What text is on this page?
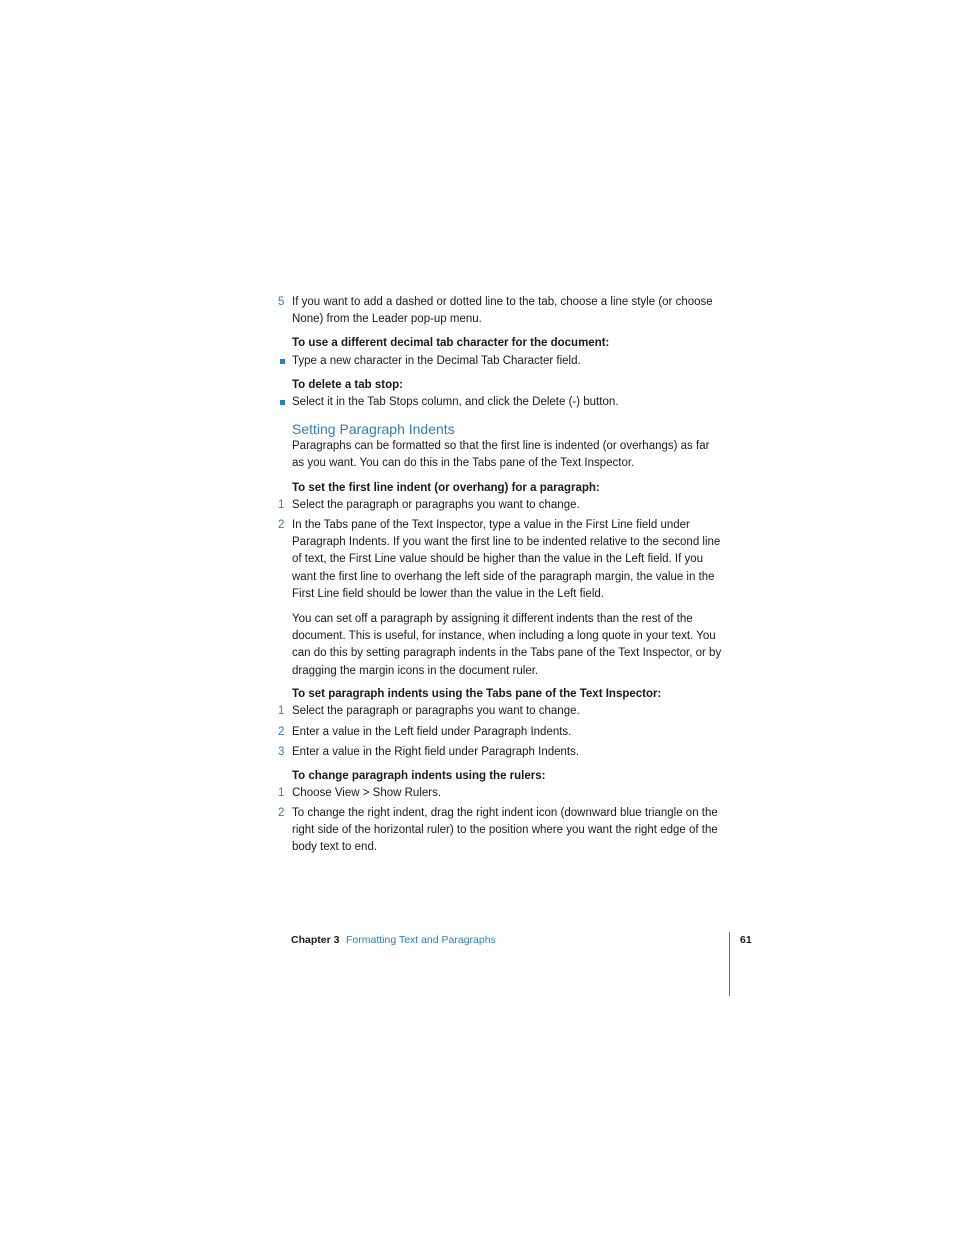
5 If you want to add a dashed or dotted line to the tab, choose a line style (or choose None) from the Leader pop-up menu.
To use a different decimal tab character for the document:
Type a new character in the Decimal Tab Character field.
To delete a tab stop:
Select it in the Tab Stops column, and click the Delete (-) button.
Setting Paragraph Indents
Paragraphs can be formatted so that the first line is indented (or overhangs) as far as you want. You can do this in the Tabs pane of the Text Inspector.
To set the first line indent (or overhang) for a paragraph:
1 Select the paragraph or paragraphs you want to change.
2 In the Tabs pane of the Text Inspector, type a value in the First Line field under Paragraph Indents. If you want the first line to be indented relative to the second line of text, the First Line value should be higher than the value in the Left field. If you want the first line to overhang the left side of the paragraph margin, the value in the First Line field should be lower than the value in the Left field.
You can set off a paragraph by assigning it different indents than the rest of the document. This is useful, for instance, when including a long quote in your text. You can do this by setting paragraph indents in the Tabs pane of the Text Inspector, or by dragging the margin icons in the document ruler.
To set paragraph indents using the Tabs pane of the Text Inspector:
1 Select the paragraph or paragraphs you want to change.
2 Enter a value in the Left field under Paragraph Indents.
3 Enter a value in the Right field under Paragraph Indents.
To change paragraph indents using the rulers:
1 Choose View > Show Rulers.
2 To change the right indent, drag the right indent icon (downward blue triangle on the right side of the horizontal ruler) to the position where you want the right edge of the body text to end.
Chapter 3 Formatting Text and Paragraphs	61
